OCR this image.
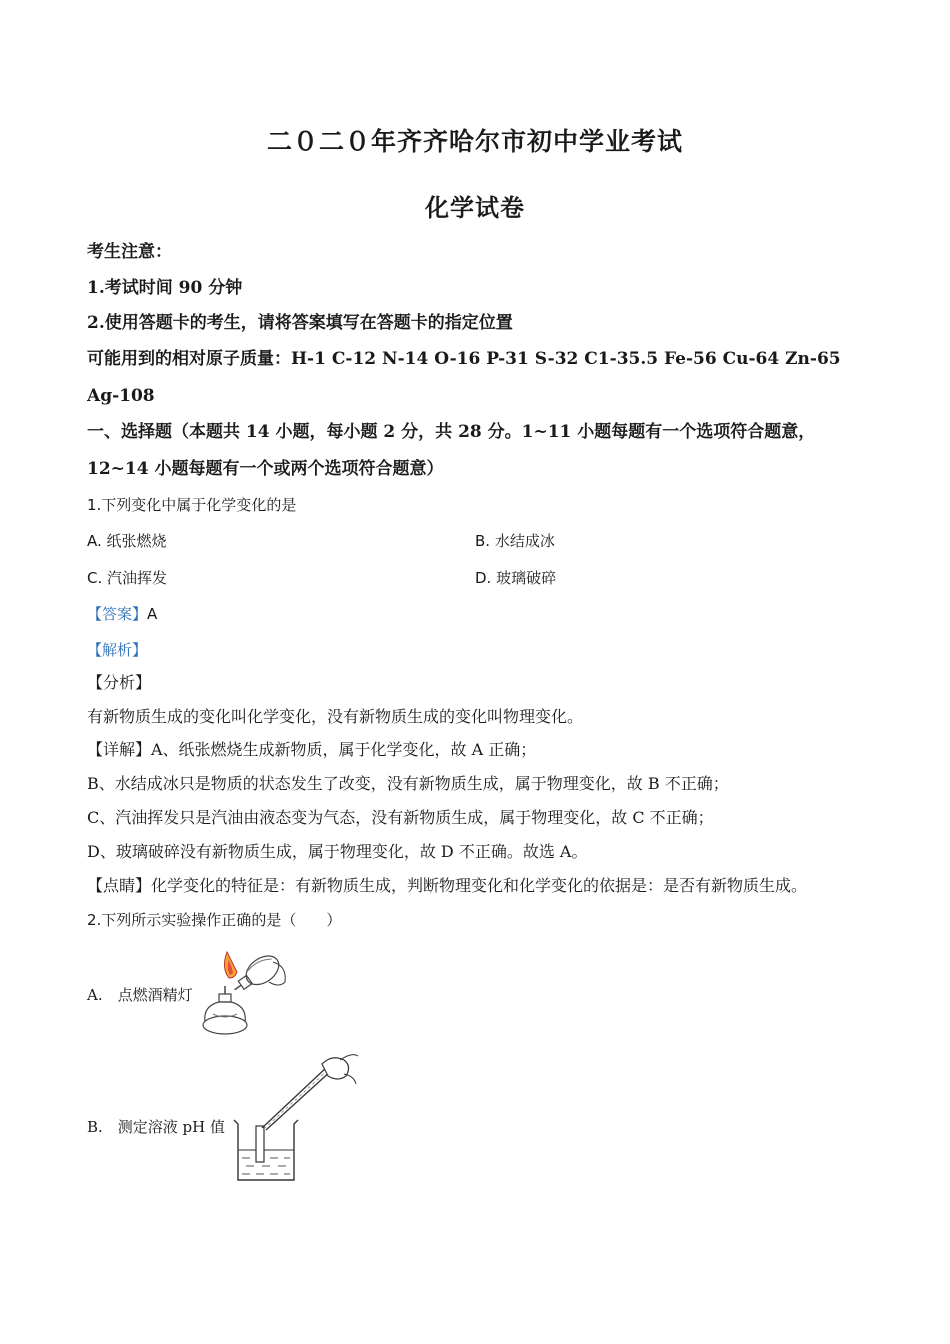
二０二０年齐齐哈尔市初中学业考试
化学试卷
考生注意：
1.考试时间 90 分钟
2.使用答题卡的考生，请将答案填写在答题卡的指定位置
可能用到的相对原子质量：H-1 C-12 N-14 O-16 P-31 S-32 C1-35.5 Fe-56 Cu-64 Zn-65
Ag-108
一、选择题（本题共 14 小题，每小题 2 分，共 28 分。1~11 小题每题有一个选项符合题意，
12~14 小题每题有一个或两个选项符合题意）
1.下列变化中属于化学变化的是
A. 纸张燃烧	B. 水结成冰
C. 汽油挥发	D. 玻璃破碎
【答案】A
【解析】
【分析】
有新物质生成的变化叫化学变化，没有新物质生成的变化叫物理变化。
【详解】A、纸张燃烧生成新物质，属于化学变化，故 A 正确；
B、水结成冰只是物质的状态发生了改变，没有新物质生成，属于物理变化，故 B 不正确；
C、汽油挥发只是汽油由液态变为气态，没有新物质生成，属于物理变化，故 C 不正确；
D、玻璃破碎没有新物质生成，属于物理变化，故 D 不正确。故选 A。
【点睛】化学变化的特征是：有新物质生成，判断物理变化和化学变化的依据是：是否有新物质生成。
2.下列所示实验操作正确的是（　　）
A.　点燃酒精灯
B.　测定溶液 pH 值
